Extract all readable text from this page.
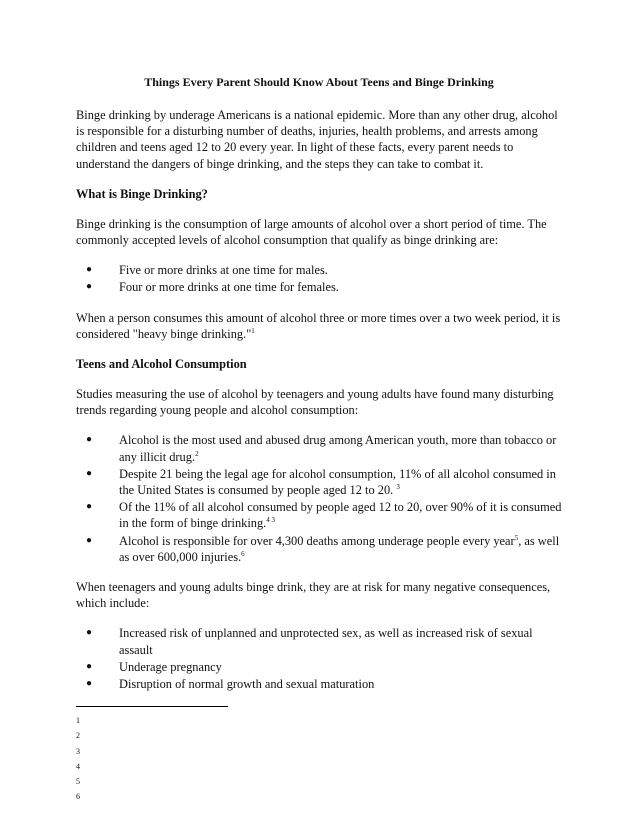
Things Every Parent Should Know About Teens and Binge Drinking

Binge drinking by underage Americans is a national epidemic. More than any other drug, alcohol is responsible for a disturbing number of deaths, injuries, health problems, and arrests among children and teens aged 12 to 20 every year. In light of these facts, every parent needs to understand the dangers of binge drinking, and the steps they can take to combat it.

What is Binge Drinking?

Binge drinking is the consumption of large amounts of alcohol over a short period of time. The commonly accepted levels of alcohol consumption that qualify as binge drinking are:

● Five or more drinks at one time for males.
● Four or more drinks at one time for females.

When a person consumes this amount of alcohol three or more times over a two week period, it is considered "heavy binge drinking."$^1$

Teens and Alcohol Consumption

Studies measuring the use of alcohol by teenagers and young adults have found many disturbing trends regarding young people and alcohol consumption:

● Alcohol is the most used and abused drug among American youth, more than tobacco or any illicit drug.$^2$
● Despite 21 being the legal age for alcohol consumption, 11% of all alcohol consumed in the United States is consumed by people aged 12 to 20. $^3$
● Of the 11% of all alcohol consumed by people aged 12 to 20, over 90% of it is consumed in the form of binge drinking.$^{4 3}$
● Alcohol is responsible for over 4,300 deaths among underage people every year$^5$, as well as over 600,000 injuries.$^6$

When teenagers and young adults binge drink, they are at risk for many negative consequences, which include:

● Increased risk of unplanned and unprotected sex, as well as increased risk of sexual assault
● Underage pregnancy
● Disruption of normal growth and sexual maturation
1
2
3
4
5
6
